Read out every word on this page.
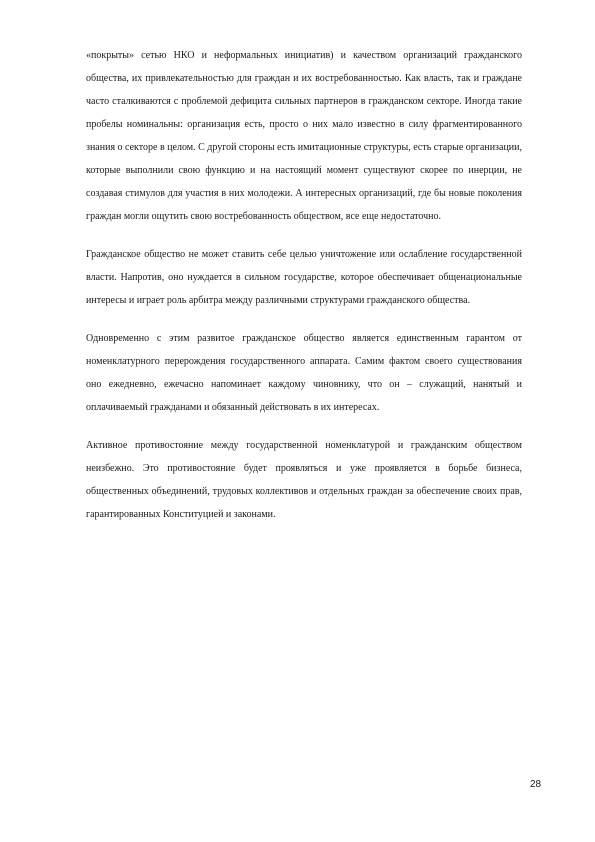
«покрыты» сетью НКО и неформальных инициатив) и качеством организаций гражданского общества, их привлекательностью для граждан и их востребованностью. Как власть, так и граждане часто сталкиваются с проблемой дефицита сильных партнеров в гражданском секторе. Иногда такие пробелы номинальны: организация есть, просто о них мало известно в силу фрагментированного знания о секторе в целом. С другой стороны есть имитационные структуры, есть старые организации, которые выполнили свою функцию и на настоящий момент существуют скорее по инерции, не создавая стимулов для участия в них молодежи. А интересных организаций, где бы новые поколения граждан могли ощутить свою востребованность обществом, все еще недостаточно.

Гражданское общество не может ставить себе целью уничтожение или ослабление государственной власти. Напротив, оно нуждается в сильном государстве, которое обеспечивает общенациональные интересы и играет роль арбитра между различными структурами гражданского общества.

Одновременно с этим развитое гражданское общество является единственным гарантом от номенклатурного перерождения государственного аппарата. Самим фактом своего существования оно ежедневно, ежечасно напоминает каждому чиновнику, что он – служащий, нанятый и оплачиваемый гражданами и обязанный действовать в их интересах.

Активное противостояние между государственной номенклатурой и гражданским обществом неизбежно. Это противостояние будет проявляться и уже проявляется в борьбе бизнеса, общественных объединений, трудовых коллективов и отдельных граждан за обеспечение своих прав, гарантированных Конституцией и законами.

28
